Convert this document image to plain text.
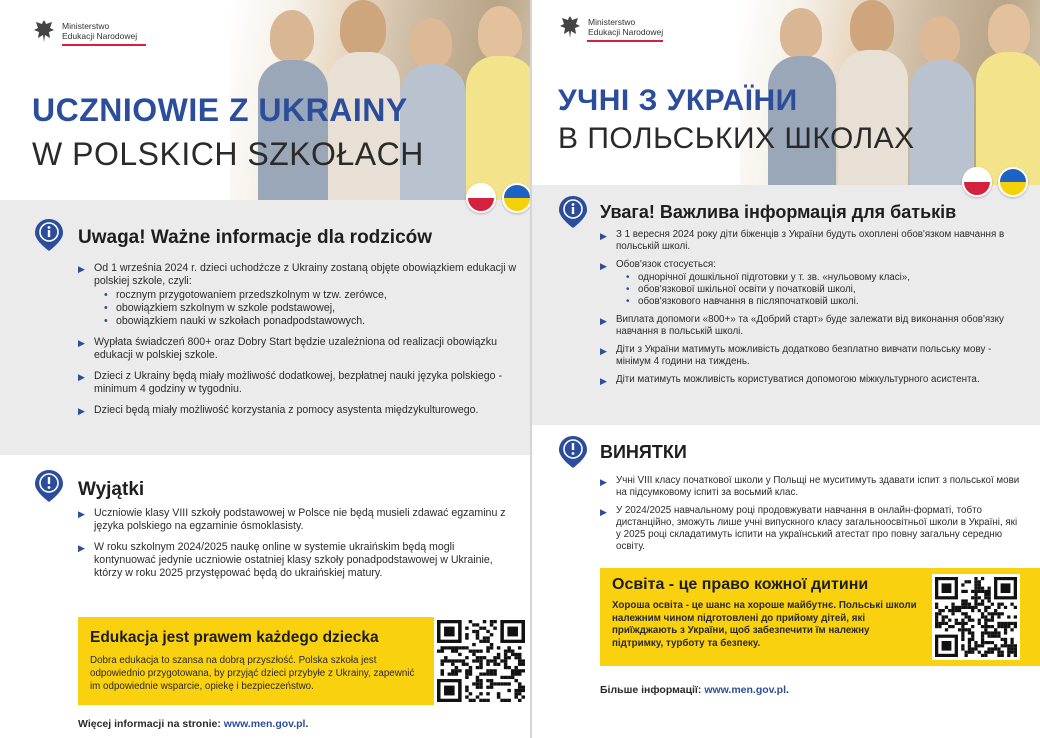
Ministerstwo
Edukacji Narodowej
UCZNIOWIE Z UKRAINY
W POLSKICH SZKOŁACH
Uwaga! Ważne informacje dla rodziców
▶ Od 1 września 2024 r. dzieci uchodźcze z Ukrainy zostaną objęte obowiązkiem edukacji w polskiej szkole, czyli:
• rocznym przygotowaniem przedszkolnym w tzw. zerówce,
• obowiązkiem szkolnym w szkole podstawowej,
• obowiązkiem nauki w szkołach ponadpodstawowych.
▶ Wypłata świadczeń 800+ oraz Dobry Start będzie uzależniona od realizacji obowiązku edukacji w polskiej szkole.
▶ Dzieci z Ukrainy będą miały możliwość dodatkowej, bezpłatnej nauki języka polskiego - minimum 4 godziny w tygodniu.
▶ Dzieci będą miały możliwość korzystania z pomocy asystenta międzykulturowego.
Wyjątki
▶ Uczniowie klasy VIII szkoły podstawowej w Polsce nie będą musieli zdawać egzaminu z języka polskiego na egzaminie ósmoklasisty.
▶ W roku szkolnym 2024/2025 naukę online w systemie ukraińskim będą mogli kontynuować jedynie uczniowie ostatniej klasy szkoły ponadpodstawowej w Ukrainie, którzy w roku 2025 przystępować będą do ukraińskiej matury.
Edukacja jest prawem każdego dziecka
Dobra edukacja to szansa na dobrą przyszłość. Polska szkoła jest odpowiednio przygotowana, by przyjąć dzieci przybyłe z Ukrainy, zapewnić im odpowiednie wsparcie, opiekę i bezpieczeństwo.
Więcej informacji na stronie: www.men.gov.pl.
Ministerstwo
Edukacji Narodowej
УЧНІ З УКРАЇНИ
В ПОЛЬСЬКИХ ШКОЛАХ
Увага! Важлива інформація для батьків
▶ З 1 вересня 2024 року діти біженців з України будуть охоплені обов'язком навчання в польській школі.
▶ Обов'язок стосується:
• однорічної дошкільної підготовки у т. зв. «нульовому класі»,
• обов'язкової шкільної освіти у початковій школі,
• обов'язкового навчання в післяпочатковій школі.
▶ Виплата допомоги «800+» та «Добрий старт» буде залежати від виконання обов'язку навчання в польській школі.
▶ Діти з України матимуть можливість додатково безплатно вивчати польську мову - мінімум 4 години на тиждень.
▶ Діти матимуть можливість користуватися допомогою міжкультурного асистента.
ВИНЯТКИ
▶ Учні VIII класу початкової школи у Польщі не муситимуть здавати іспит з польської мови на підсумковому іспиті за восьмий клас.
▶ У 2024/2025 навчальному році продовжувати навчання в онлайн-форматі, тобто дистанційно, зможуть лише учні випускного класу загальноосвітньої школи в Україні, які у 2025 році складатимуть іспити на український атестат про повну загальну середню освіту.
Освіта - це право кожної дитини
Хороша освіта - це шанс на хороше майбутнє. Польські школи належним чином підготовлені до прийому дітей, які приїжджають з України, щоб забезпечити їм належну підтримку, турботу та безпеку.
Більше інформації: www.men.gov.pl.
